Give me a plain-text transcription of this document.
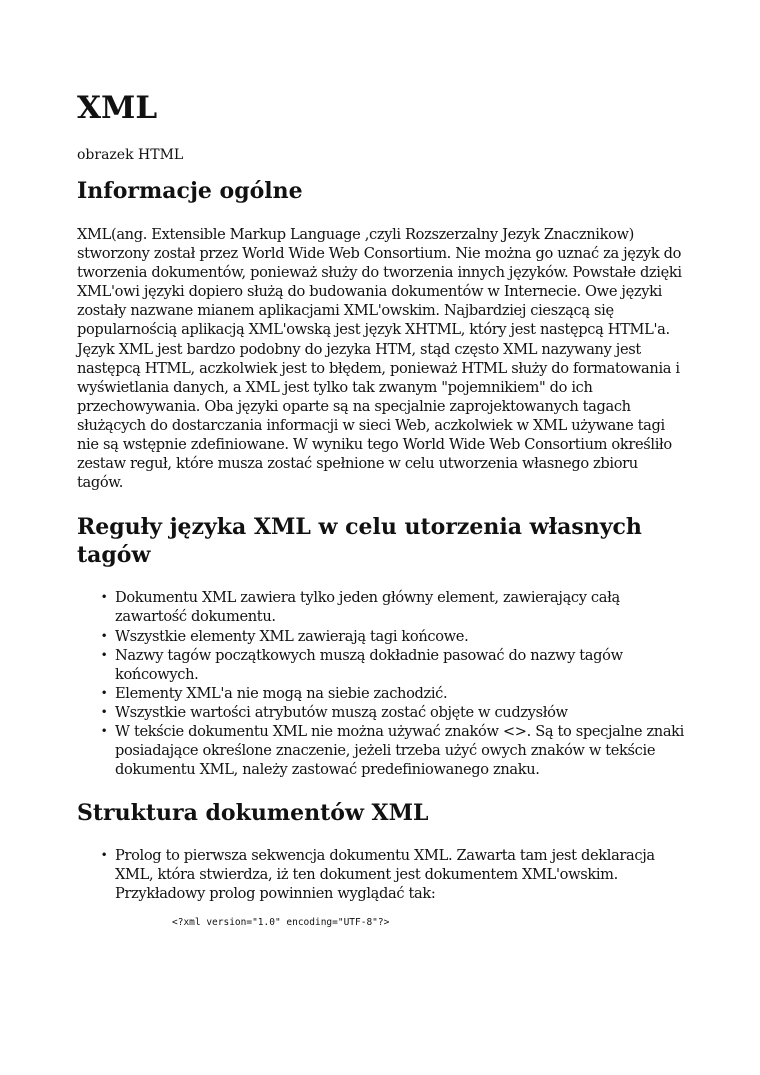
XML

obrazek HTML

Informacje ogólne

XML(ang. Extensible Markup Language ,czyli Rozszerzalny Jezyk Znacznikow) stworzony został przez World Wide Web Consortium. Nie można go uznać za język do tworzenia dokumentów, ponieważ służy do tworzenia innych języków. Powstałe dzięki XML'owi języki dopiero służą do budowania dokumentów w Internecie. Owe języki zostały nazwane mianem aplikacjami XML'owskim. Najbardziej cieszącą się popularnością aplikacją XML'owską jest język XHTML, który jest następcą HTML'a. Język XML jest bardzo podobny do jezyka HTM, stąd często XML nazywany jest następcą HTML, aczkolwiek jest to błędem, ponieważ HTML służy do formatowania i wyświetlania danych, a XML jest tylko tak zwanym "pojemnikiem" do ich przechowywania. Oba języki oparte są na specjalnie zaprojektowanych tagach służących do dostarczania informacji w sieci Web, aczkolwiek w XML używane tagi nie są wstępnie zdefiniowane. W wyniku tego World Wide Web Consortium określiło zestaw reguł, które musza zostać spełnione w celu utworzenia własnego zbioru tagów.

Reguły języka XML w celu utorzenia własnych tagów
• Dokumentu XML zawiera tylko jeden główny element, zawierający całą zawartość dokumentu.
• Wszystkie elementy XML zawierają tagi końcowe.
• Nazwy tagów początkowych muszą dokładnie pasować do nazwy tagów końcowych.
• Elementy XML'a nie mogą na siebie zachodzić.
• Wszystkie wartości atrybutów muszą zostać objęte w cudzysłów
• W tekście dokumentu XML nie można używać znaków <>. Są to specjalne znaki posiadające określone znaczenie, jeżeli trzeba użyć owych znaków w tekście dokumentu XML, należy zastować predefiniowanego znaku.
Struktura dokumentów XML
• Prolog to pierwsza sekwencja dokumentu XML. Zawarta tam jest deklaracja XML, która stwierdza, iż ten dokument jest dokumentem XML'owskim. Przykładowy prolog powinnien wyglądać tak:
<?xml version="1.0" encoding="UTF-8"?>
